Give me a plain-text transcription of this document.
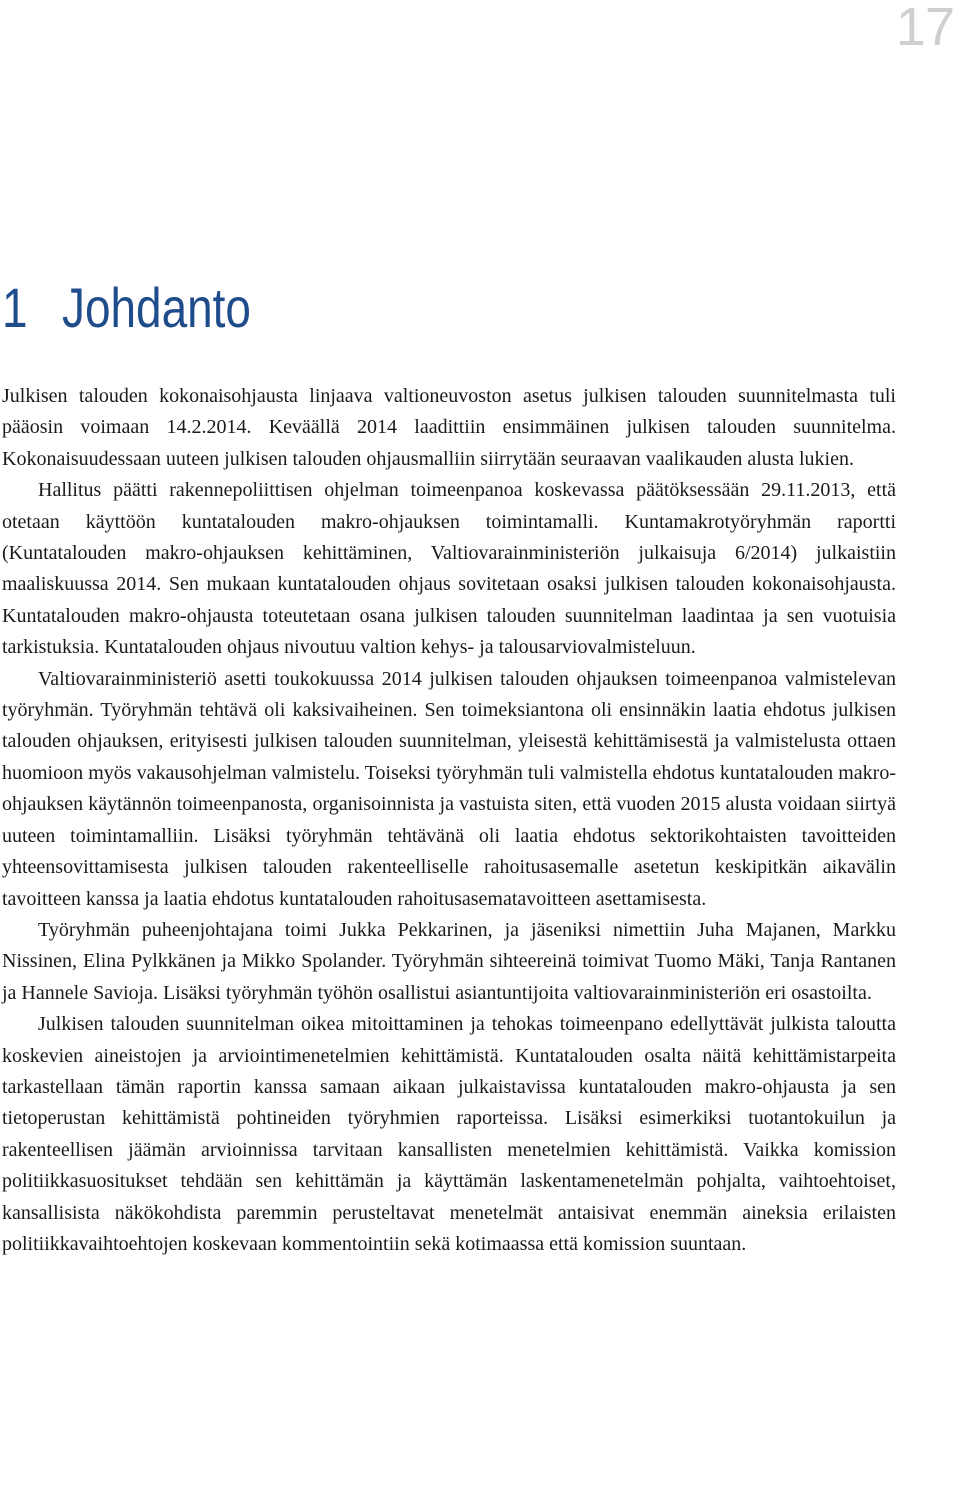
17
1 Johdanto

Julkisen talouden kokonaisohjausta linjaava valtioneuvoston asetus julkisen talouden suunnitelmasta tuli pääosin voimaan 14.2.2014. Keväällä 2014 laadittiin ensimmäinen julkisen talouden suunnitelma. Kokonaisuudessaan uuteen julkisen talouden ohjausmalliin siirrytään seuraavan vaalikauden alusta lukien.

Hallitus päätti rakennepoliittisen ohjelman toimeenpanoa koskevassa päätöksessään 29.11.2013, että otetaan käyttöön kuntatalouden makro-ohjauksen toimintamalli. Kuntamakrotyöryhmän raportti (Kuntatalouden makro-ohjauksen kehittäminen, Valtiovarainministeriön julkaisuja 6/2014) julkaistiin maaliskuussa 2014. Sen mukaan kuntatalouden ohjaus sovitetaan osaksi julkisen talouden kokonaisohjausta. Kuntatalouden makro-ohjausta toteutetaan osana julkisen talouden suunnitelman laadintaa ja sen vuotuisia tarkistuksia. Kuntatalouden ohjaus nivoutuu valtion kehys- ja talousarviovalmisteluun.

Valtiovarainministeriö asetti toukokuussa 2014 julkisen talouden ohjauksen toimeenpanoa valmistelevan työryhmän. Työryhmän tehtävä oli kaksivaiheinen. Sen toimeksiantona oli ensinnäkin laatia ehdotus julkisen talouden ohjauksen, erityisesti julkisen talouden suunnitelman, yleisestä kehittämisestä ja valmistelusta ottaen huomioon myös vakausohjelman valmistelu. Toiseksi työryhmän tuli valmistella ehdotus kuntatalouden makro-ohjauksen käytännön toimeenpanosta, organisoinnista ja vastuista siten, että vuoden 2015 alusta voidaan siirtyä uuteen toimintamalliin. Lisäksi työryhmän tehtävänä oli laatia ehdotus sektorikohtaisten tavoitteiden yhteensovittamisesta julkisen talouden rakenteelliselle rahoitusasemalle asetetun keskipitkän aikavälin tavoitteen kanssa ja laatia ehdotus kuntatalouden rahoitusasematavoitteen asettamisesta.

Työryhmän puheenjohtajana toimi Jukka Pekkarinen, ja jäseniksi nimettiin Juha Majanen, Markku Nissinen, Elina Pylkkänen ja Mikko Spolander. Työryhmän sihteereinä toimivat Tuomo Mäki, Tanja Rantanen ja Hannele Savioja. Lisäksi työryhmän työhön osallistui asiantuntijoita valtiovarainministeriön eri osastoilta.

Julkisen talouden suunnitelman oikea mitoittaminen ja tehokas toimeenpano edellyttävät julkista taloutta koskevien aineistojen ja arviointimenetelmien kehittämistä. Kuntatalouden osalta näitä kehittämistarpeita tarkastellaan tämän raportin kanssa samaan aikaan julkaistavissa kuntatalouden makro-ohjausta ja sen tietoperustan kehittämistä pohtineiden työryhmien raporteissa. Lisäksi esimerkiksi tuotantokuilun ja rakenteellisen jäämän arvioinnissa tarvitaan kansallisten menetelmien kehittämistä. Vaikka komission politiikkasuositukset tehdään sen kehittämän ja käyttämän laskentamenetelmän pohjalta, vaihtoehtoiset, kansallisista näkökohdista paremmin perusteltavat menetelmät antaisivat enemmän aineksia erilaisten politiikkavaihtoehtojen koskevaan kommentointiin sekä kotimaassa että komission suuntaan.
